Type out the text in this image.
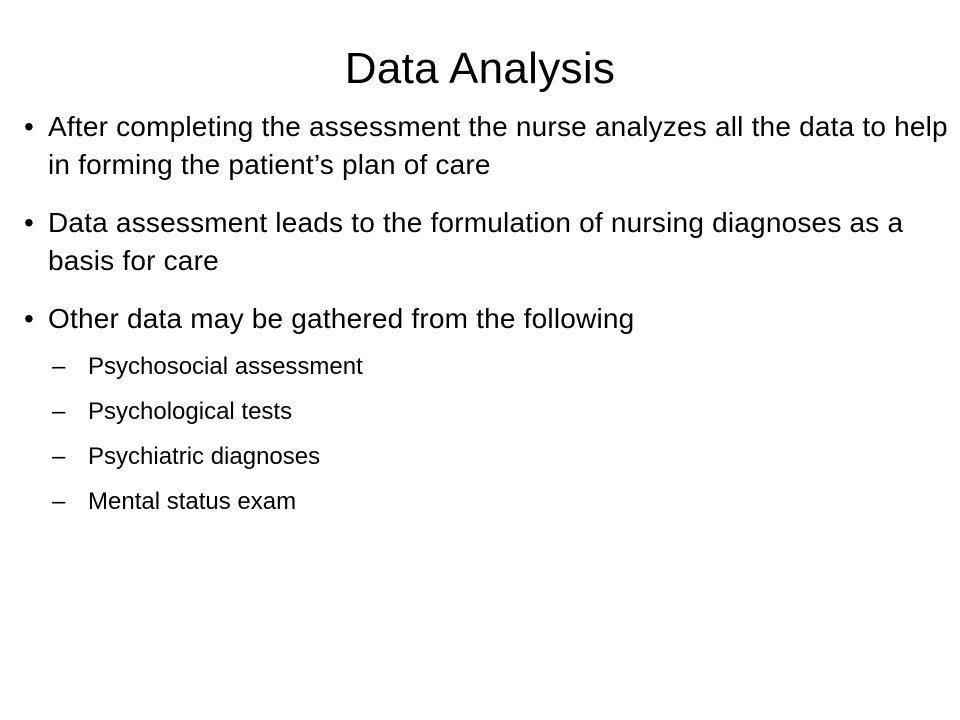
Data Analysis
• After completing the assessment the nurse analyzes all the data to help in forming the patient’s plan of care
• Data assessment leads to the formulation of nursing diagnoses as a basis for care
• Other data may be gathered from the following
– Psychosocial assessment
– Psychological tests
– Psychiatric diagnoses
– Mental status exam
